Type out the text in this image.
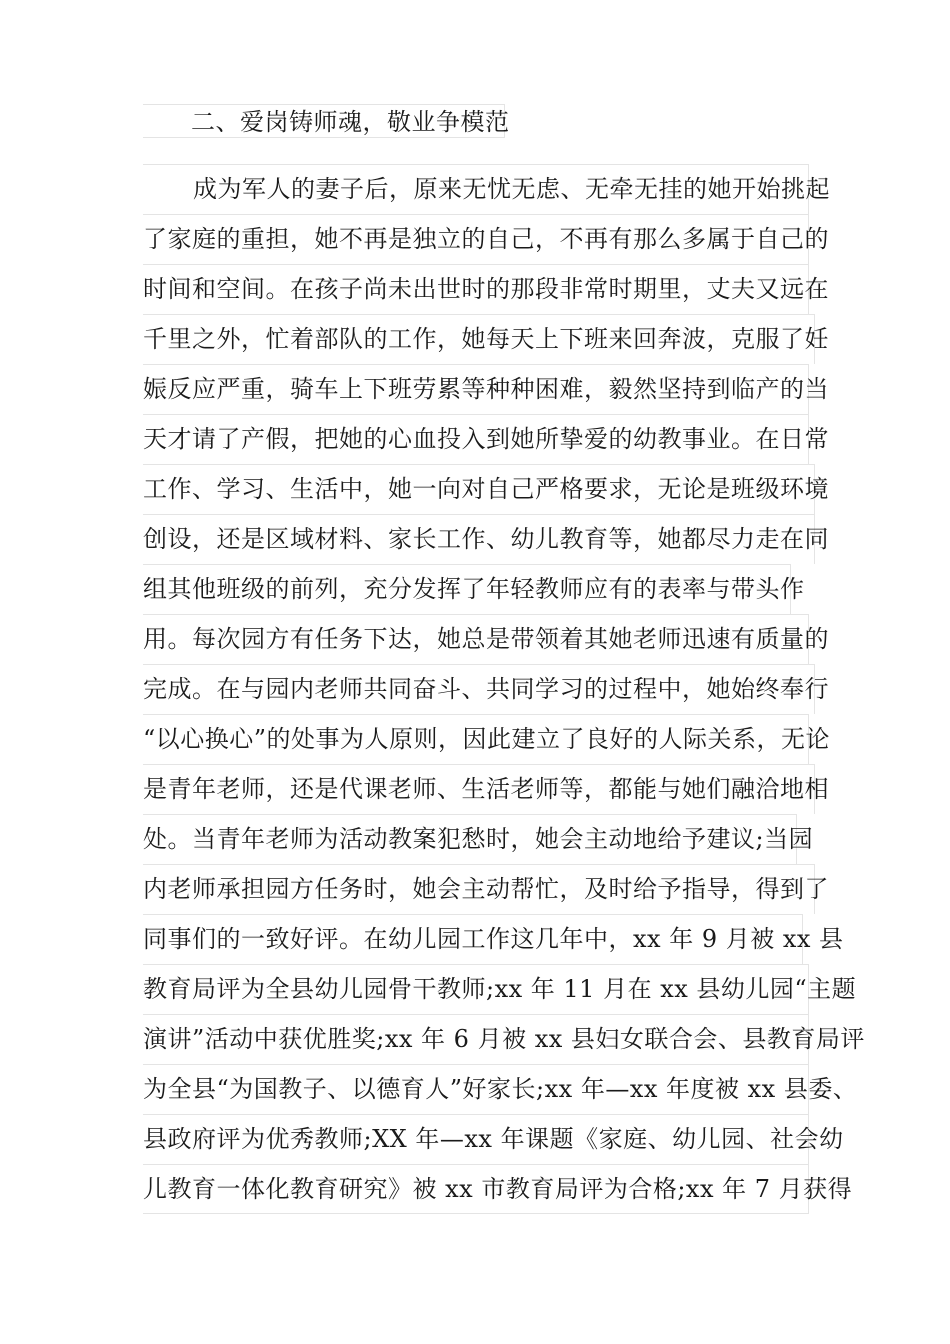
二、爱岗铸师魂，敬业争模范
成为军人的妻子后，原来无忧无虑、无牵无挂的她开始挑起
了家庭的重担，她不再是独立的自己，不再有那么多属于自己的
时间和空间。在孩子尚未出世时的那段非常时期里，丈夫又远在
千里之外，忙着部队的工作，她每天上下班来回奔波，克服了妊
娠反应严重，骑车上下班劳累等种种困难，毅然坚持到临产的当
天才请了产假，把她的心血投入到她所挚爱的幼教事业。在日常
工作、学习、生活中，她一向对自己严格要求，无论是班级环境
创设，还是区域材料、家长工作、幼儿教育等，她都尽力走在同
组其他班级的前列，充分发挥了年轻教师应有的表率与带头作
用。每次园方有任务下达，她总是带领着其她老师迅速有质量的
完成。在与园内老师共同奋斗、共同学习的过程中，她始终奉行
“以心换心”的处事为人原则，因此建立了良好的人际关系，无论
是青年老师，还是代课老师、生活老师等，都能与她们融洽地相
处。当青年老师为活动教案犯愁时，她会主动地给予建议;当园
内老师承担园方任务时，她会主动帮忙，及时给予指导，得到了
同事们的一致好评。在幼儿园工作这几年中，xx 年 9 月被 xx 县
教育局评为全县幼儿园骨干教师;xx 年 11 月在 xx 县幼儿园“主题
演讲”活动中获优胜奖;xx 年 6 月被 xx 县妇女联合会、县教育局评
为全县“为国教子、以德育人”好家长;xx 年—xx 年度被 xx 县委、
县政府评为优秀教师;XX 年—xx 年课题《家庭、幼儿园、社会幼
儿教育一体化教育研究》被 xx 市教育局评为合格;xx 年 7 月获得
